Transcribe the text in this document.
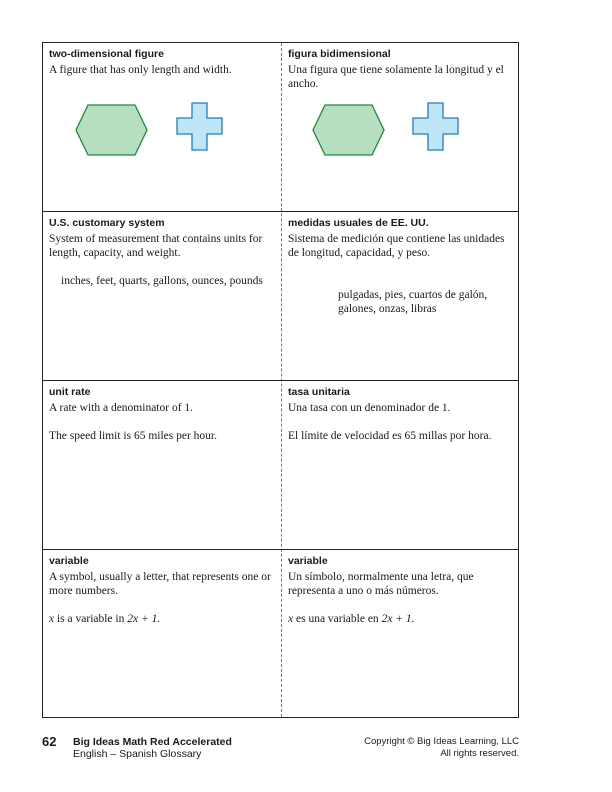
two-dimensional figure

A figure that has only length and width.

figura bidimensional

Una figura que tiene solamente la longitud y el ancho.

U.S. customary system

System of measurement that contains units for length, capacity, and weight.

inches, feet, quarts, gallons, ounces, pounds

medidas usuales de EE. UU.

Sistema de medición que contiene las unidades de longitud, capacidad, y peso.

pulgadas, pies, cuartos de galón, galones, onzas, libras

unit rate

A rate with a denominator of 1.

The speed limit is 65 miles per hour.

tasa unitaria

Una tasa con un denominador de 1.

El límite de velocidad es 65 millas por hora.

variable

A symbol, usually a letter, that represents one or more numbers.

x is a variable in 2x + 1.

variable

Un símbolo, normalmente una letra, que representa a uno o más números.

x es una variable en 2x + 1.

62 Big Ideas Math Red Accelerated
English – Spanish Glossary
Copyright © Big Ideas Learning, LLC
All rights reserved.
